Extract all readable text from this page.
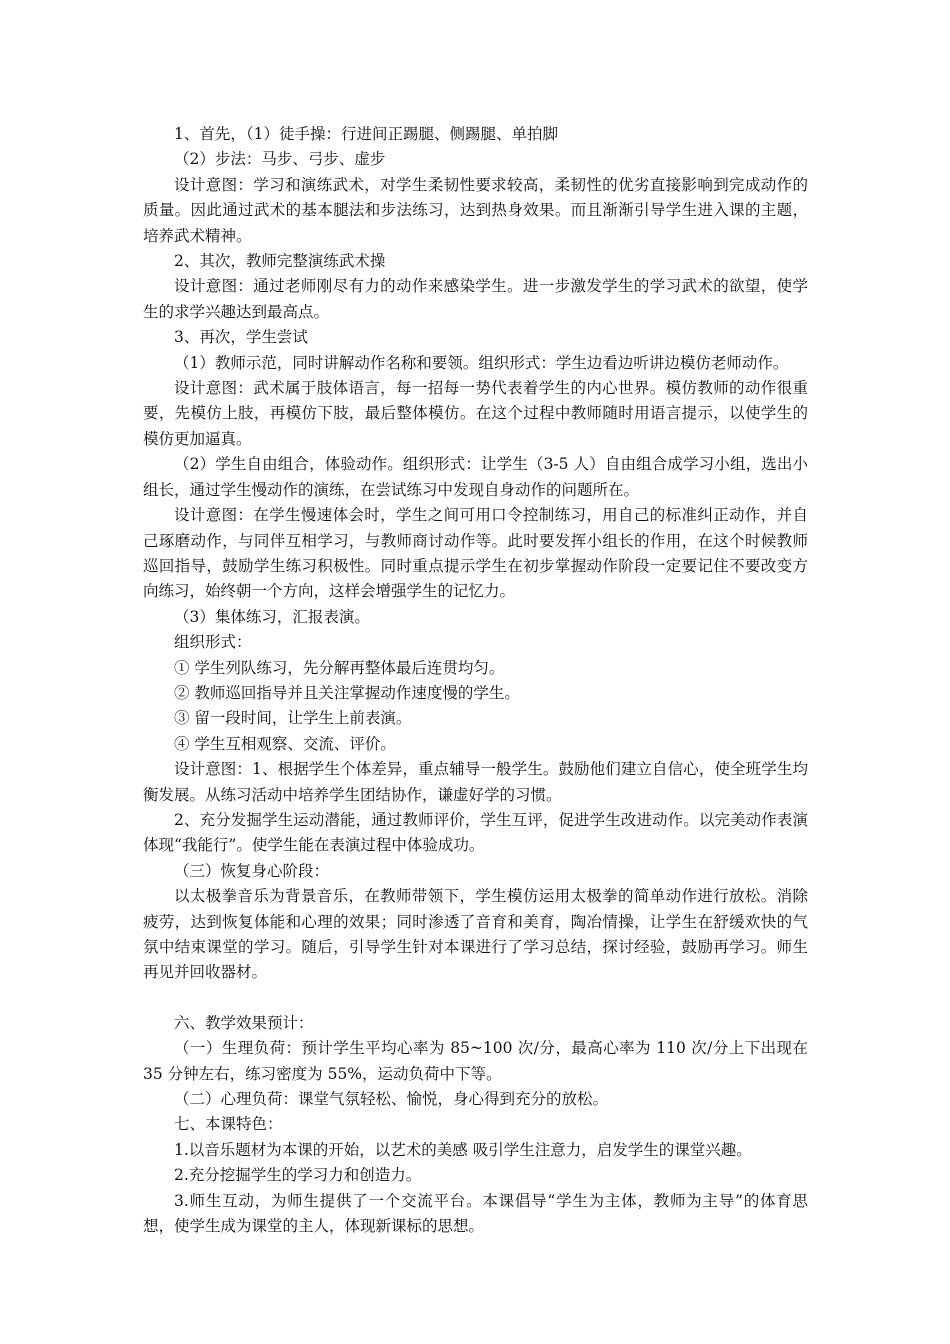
1、首先，（1）徒手操：行进间正踢腿、侧踢腿、单拍脚

（2）步法：马步、弓步、虚步

设计意图：学习和演练武术，对学生柔韧性要求较高，柔韧性的优劣直接影响到完成动作的质量。因此通过武术的基本腿法和步法练习，达到热身效果。而且渐渐引导学生进入课的主题，培养武术精神。

2、其次，教师完整演练武术操

设计意图：通过老师刚尽有力的动作来感染学生。进一步激发学生的学习武术的欲望，使学生的求学兴趣达到最高点。

3、再次，学生尝试

（1）教师示范，同时讲解动作名称和要领。组织形式：学生边看边听讲边模仿老师动作。

设计意图：武术属于肢体语言，每一招每一势代表着学生的内心世界。模仿教师的动作很重要，先模仿上肢，再模仿下肢，最后整体模仿。在这个过程中教师随时用语言提示，以使学生的模仿更加逼真。

（2）学生自由组合，体验动作。组织形式：让学生（3-5 人）自由组合成学习小组，选出小组长，通过学生慢动作的演练，在尝试练习中发现自身动作的问题所在。

设计意图：在学生慢速体会时，学生之间可用口令控制练习，用自己的标准纠正动作，并自己琢磨动作，与同伴互相学习，与教师商讨动作等。此时要发挥小组长的作用，在这个时候教师巡回指导，鼓励学生练习积极性。同时重点提示学生在初步掌握动作阶段一定要记住不要改变方向练习，始终朝一个方向，这样会增强学生的记忆力。

（3）集体练习，汇报表演。

组织形式：

① 学生列队练习，先分解再整体最后连贯均匀。

② 教师巡回指导并且关注掌握动作速度慢的学生。

③ 留一段时间，让学生上前表演。

④ 学生互相观察、交流、评价。

设计意图：1、根据学生个体差异，重点辅导一般学生。鼓励他们建立自信心，使全班学生均衡发展。从练习活动中培养学生团结协作，谦虚好学的习惯。

2、充分发掘学生运动潜能，通过教师评价，学生互评，促进学生改进动作。以完美动作表演体现“我能行”。使学生能在表演过程中体验成功。

（三）恢复身心阶段：

以太极拳音乐为背景音乐，在教师带领下，学生模仿运用太极拳的简单动作进行放松。消除疲劳，达到恢复体能和心理的效果；同时渗透了音育和美育，陶冶情操，让学生在舒缓欢快的气氛中结束课堂的学习。随后，引导学生针对本课进行了学习总结，探讨经验，鼓励再学习。师生再见并回收器材。

六、教学效果预计：

（一）生理负荷：预计学生平均心率为 85~100 次/分，最高心率为 110 次/分上下出现在 35 分钟左右，练习密度为 55%，运动负荷中下等。

（二）心理负荷：课堂气氛轻松、愉悦，身心得到充分的放松。

七、本课特色：

1.以音乐题材为本课的开始，以艺术的美感 吸引学生注意力，启发学生的课堂兴趣。

2.充分挖掘学生的学习力和创造力。

3.师生互动，为师生提供了一个交流平台。本课倡导“学生为主体，教师为主导”的体育思想，使学生成为课堂的主人，体现新课标的思想。
